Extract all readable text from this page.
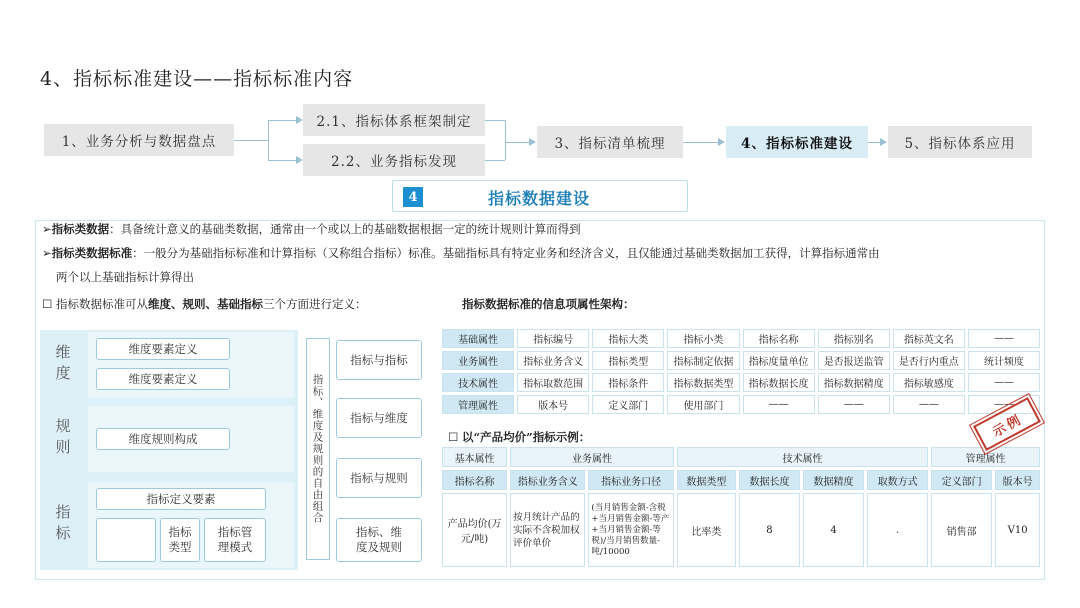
4、指标标准建设——指标标准内容
1、业务分析与数据盘点
2.1、指标体系框架制定
2.2、业务指标发现
3、指标清单梳理	4、指标标准建设	5、指标体系应用
4	指标数据建设
➢指标类数据：具备统计意义的基础类数据，通常由一个或以上的基础数据根据一定的统计规则计算而得到
➢指标类数据标准：一般分为基础指标标准和计算指标（又称组合指标）标准。基础指标具有特定业务和经济含义，且仅能通过基础类数据加工获得，计算指标通常由
两个以上基础指标计算得出
☐ 指标数据标准可从维度、规则、基础指标三个方面进行定义：	指标数据标准的信息项属性架构：
维度
规则
指标
维度要素定义
维度要素定义
维度规则构成
指标定义要素
指标类型
指标管理模式
指标、维度及规则的自由组合
指标与指标
指标与维度
指标与规则
指标、维度及规则
基础属性	指标编号	指标大类	指标小类	指标名称	指标别名	指标英文名	——
业务属性	指标业务含义	指标类型	指标制定依据	指标度量单位	是否报送监管	是否行内重点	统计频度
技术属性	指标取数范围	指标条件	指标数据类型	指标数据长度	指标数据精度	指标敏感度	——
管理属性	版本号	定义部门	使用部门	——	——	——	——
☐ 以“产品均价”指标示例：
基本属性	业务属性		技术属性				管理属性	
指标名称	指标业务含义	指标业务口径	数据类型	数据长度	数据精度	取数方式	定义部门	版本号
产品均价(万元/吨)	按月统计产品的实际不含税加权评价单价	(当月销售金额-含税+当月销售金额-等产+当月销售金额-等税)/当月销售数量-吨/10000	比率类	8	4	.	销售部	V10
示例
